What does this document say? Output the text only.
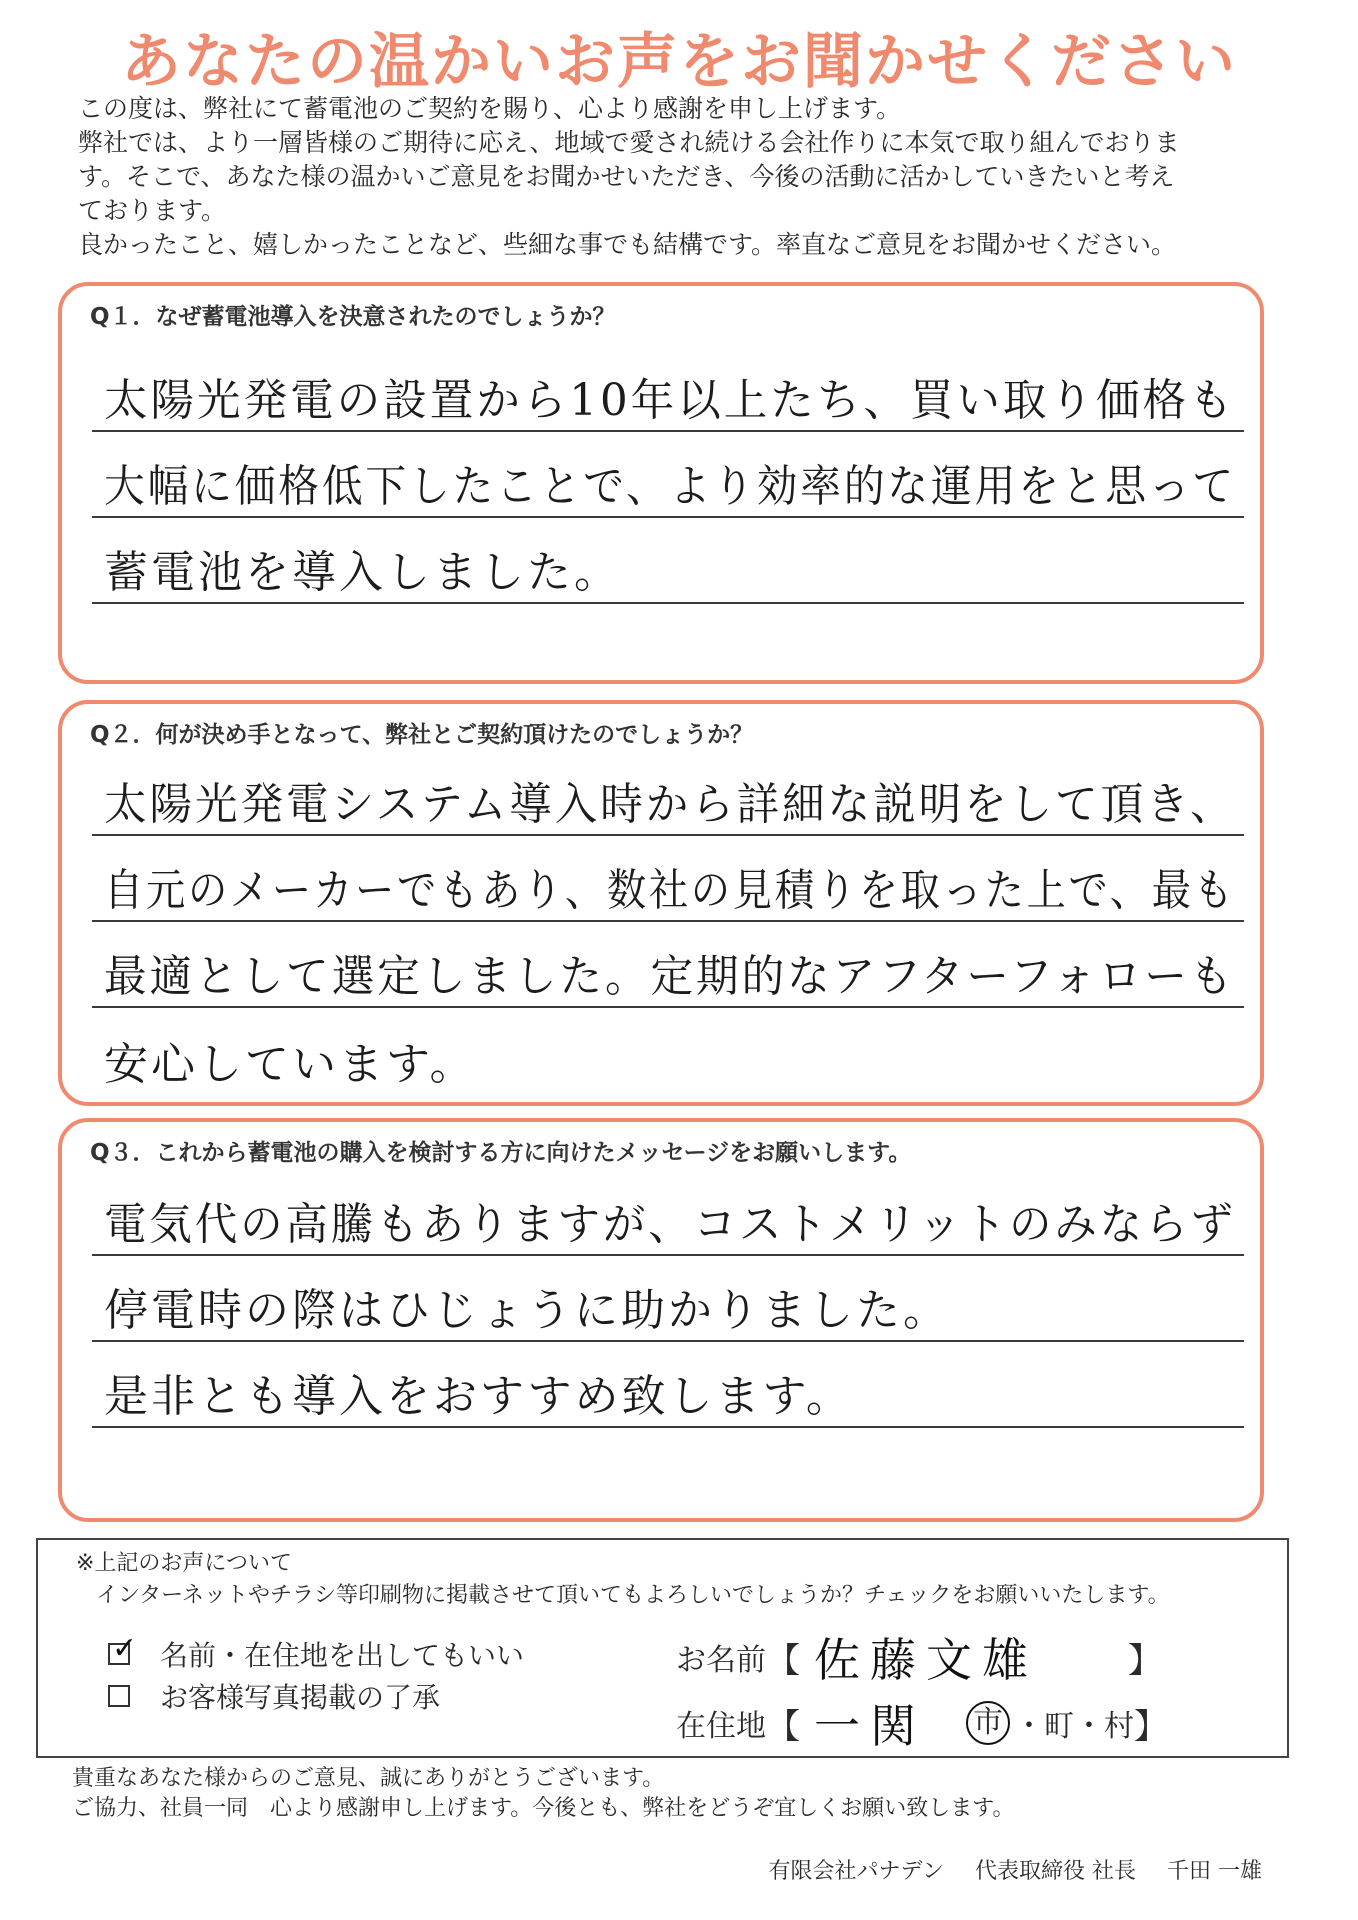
あなたの温かいお声をお聞かせください

この度は、弊社にて蓄電池のご契約を賜り、心より感謝を申し上げます。

弊社では、より一層皆様のご期待に応え、地域で愛され続ける会社作りに本気で取り組んでおりま

す。そこで、あなた様の温かいご意見をお聞かせいただき、今後の活動に活かしていきたいと考え

ております。

良かったこと、嬉しかったことなど、些細な事でも結構です。率直なご意見をお聞かせください。

Q１．なぜ蓄電池導入を決意されたのでしょうか？
太陽光発電の設置から10年以上たち、買い取り価格も
大幅に価格低下したことで、より効率的な運用をと思って
蓄電池を導入しました。
Q２．何が決め手となって、弊社とご契約頂けたのでしょうか？
太陽光発電システム導入時から詳細な説明をして頂き、
自元のメーカーでもあり、数社の見積りを取った上で、最も
最適として選定しました。定期的なアフターフォローも
安心しています。
Q３．これから蓄電池の購入を検討する方に向けたメッセージをお願いします。
電気代の高騰もありますが、コストメリットのみならず
停電時の際はひじょうに助かりました。
是非とも導入をおすすめ致します。
※上記のお声について
インターネットやチラシ等印刷物に掲載させて頂いてもよろしいでしょうか？チェックをお願いいたします。
✓ 名前・在住地を出してもいい
お客様写真掲載の了承
お名前 【 佐藤文雄	】
在住地 【 一関 市 ・ 町 ・ 村 】

貴重なあなた様からのご意見、誠にありがとうございます。

ご協力、社員一同　心より感謝申し上げます。今後とも、弊社をどうぞ宜しくお願い致します。

有限会社パナデン 代表取締役 社長 千田 一雄
